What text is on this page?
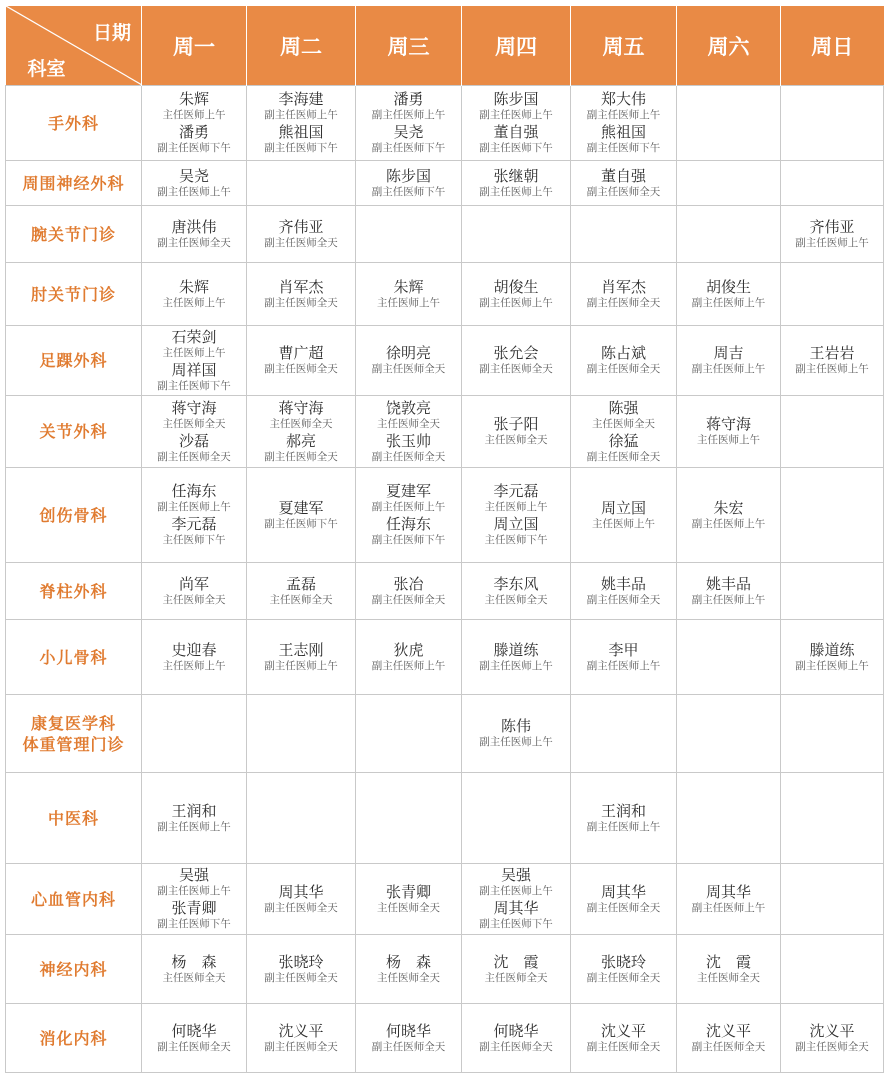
日期
科室	周一	周二	周三	周四	周五	周六	周日

手外科	朱辉
主任医师上午
潘勇
副主任医师下午	李海建
副主任医师上午
熊祖国
副主任医师下午	潘勇
副主任医师上午
吴尧
副主任医师下午	陈步国
副主任医师上午
董自强
副主任医师下午	郑大伟
副主任医师上午
熊祖国
副主任医师下午		

周围神经外科	吴尧
副主任医师上午		陈步国
副主任医师下午	张继朝
副主任医师上午	董自强
副主任医师全天		

腕关节门诊	唐洪伟
副主任医师全天	齐伟亚
副主任医师全天					齐伟亚
副主任医师上午

肘关节门诊	朱辉
主任医师上午	肖军杰
副主任医师全天	朱辉
主任医师上午	胡俊生
副主任医师上午	肖军杰
副主任医师全天	胡俊生
副主任医师上午	

足踝外科	石荣剑
主任医师上午
周祥国
副主任医师下午	曹广超
副主任医师全天	徐明亮
副主任医师全天	张允会
副主任医师全天	陈占斌
副主任医师全天	周吉
副主任医师上午	王岩岩
副主任医师上午

关节外科	蒋守海
主任医师全天
沙磊
副主任医师全天	蒋守海
主任医师全天
郝亮
副主任医师全天	饶敦亮
主任医师全天
张玉帅
副主任医师全天	张子阳
主任医师全天	陈强
主任医师全天
徐猛
副主任医师全天	蒋守海
主任医师上午	

创伤骨科	任海东
副主任医师上午
李元磊
主任医师下午	夏建军
副主任医师下午	夏建军
副主任医师上午
任海东
副主任医师下午	李元磊
主任医师上午
周立国
主任医师下午	周立国
主任医师上午	朱宏
副主任医师上午	

脊柱外科	尚军
主任医师全天	孟磊
主任医师全天	张冶
副主任医师全天	李东风
主任医师全天	姚丰品
副主任医师全天	姚丰品
副主任医师上午	

小儿骨科	史迎春
主任医师上午	王志刚
副主任医师上午	狄虎
副主任医师上午	滕道练
副主任医师上午	李甲
副主任医师上午		滕道练
副主任医师上午

康复医学科
体重管理门诊				陈伟
副主任医师上午			

中医科	王润和
副主任医师上午				王润和
副主任医师上午		

心血管内科	吴强
副主任医师上午
张青卿
副主任医师下午	周其华
副主任医师全天	张青卿
主任医师全天	吴强
副主任医师上午
周其华
副主任医师下午	周其华
副主任医师全天	周其华
副主任医师上午	

神经内科	杨　森
主任医师全天	张晓玲
副主任医师全天	杨　森
主任医师全天	沈　霞
主任医师全天	张晓玲
副主任医师全天	沈　霞
主任医师全天	

消化内科	何晓华
副主任医师全天	沈义平
副主任医师全天	何晓华
副主任医师全天	何晓华
副主任医师全天	沈义平
副主任医师全天	沈义平
副主任医师全天	沈义平
副主任医师全天
